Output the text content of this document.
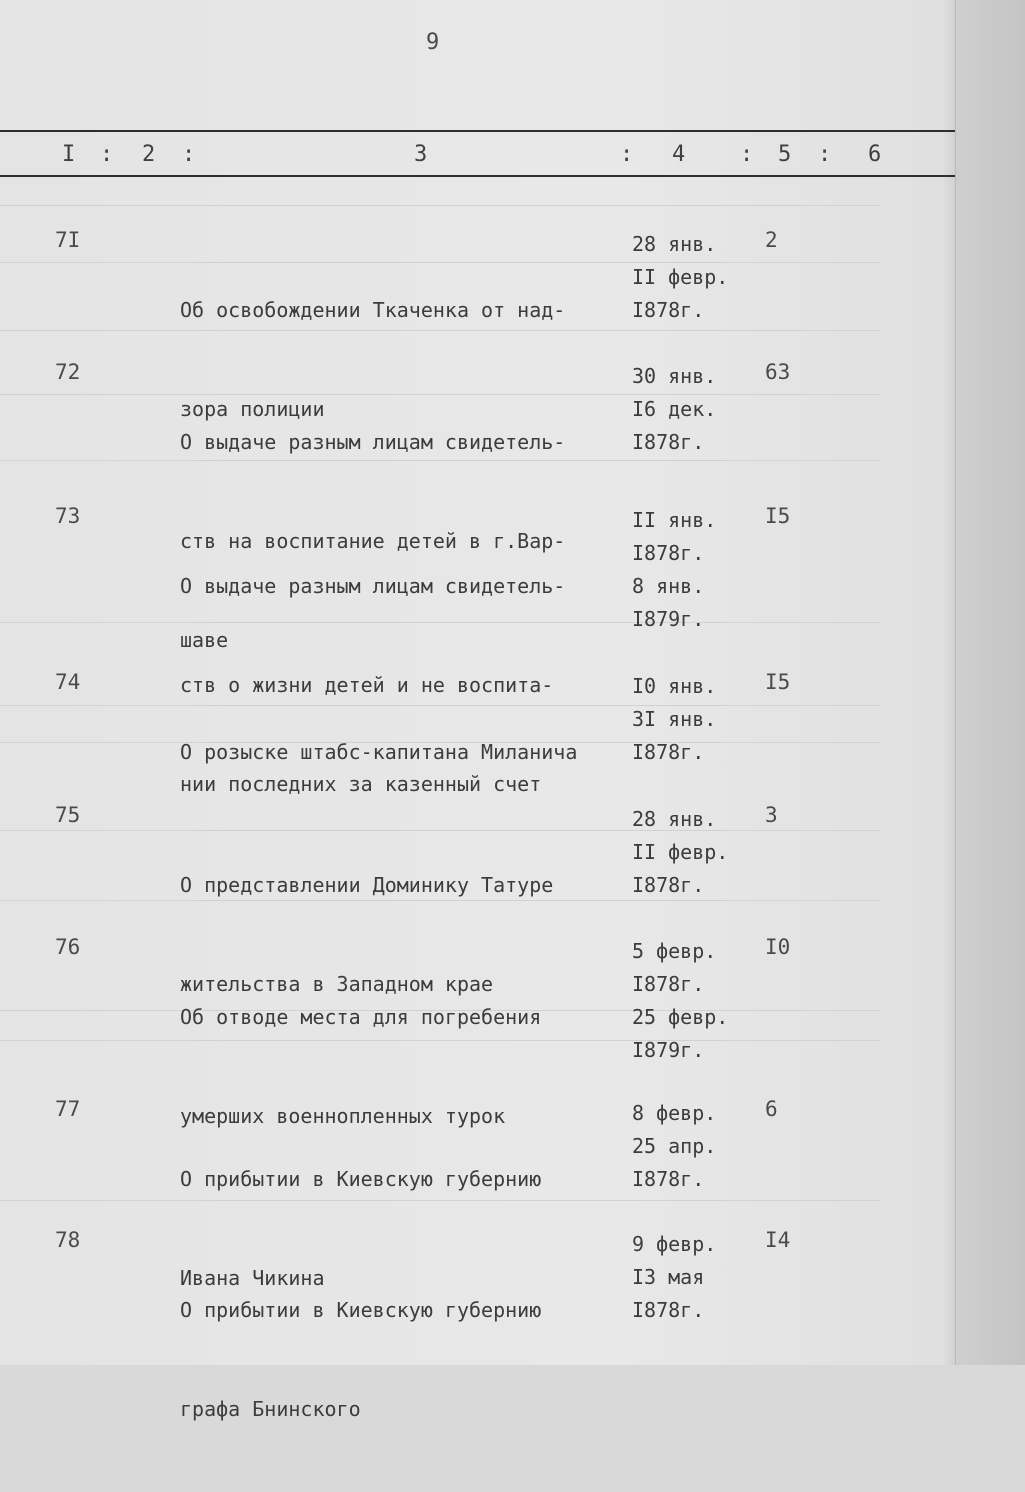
9
I : 2 :	3	: 4 : 5 : 6
7I

Об освобождении Ткаченка от над-

зора полиции

28 янв.
II февр.
I878г.
2
72

О выдаче разным лицам свидетель-

ств на воспитание детей в г.Вар-

шаве

30 янв.
I6 дек.
I878г.
63
73

О выдаче разным лицам свидетель-

ств о жизни детей и не воспита-

нии последних за казенный счет

II янв.
I878г.
8 янв.
I879г.
I5
74

О розыске штабс-капитана Миланича

I0 янв.
3I янв.
I878г.
I5
75

О представлении Доминику Татуре

жительства в Западном крае

28 янв.
II февр.
I878г.
3
76

Об отводе места для погребения

умерших военнопленных турок

5 февр.
I878г.
25 февр.
I879г.
I0
77

О прибытии в Киевскую губернию

Ивана Чикина

8 февр.
25 апр.
I878г.
6
78

О прибытии в Киевскую губернию

графа Бнинского

9 февр.
I3 мая
I878г.
I4
